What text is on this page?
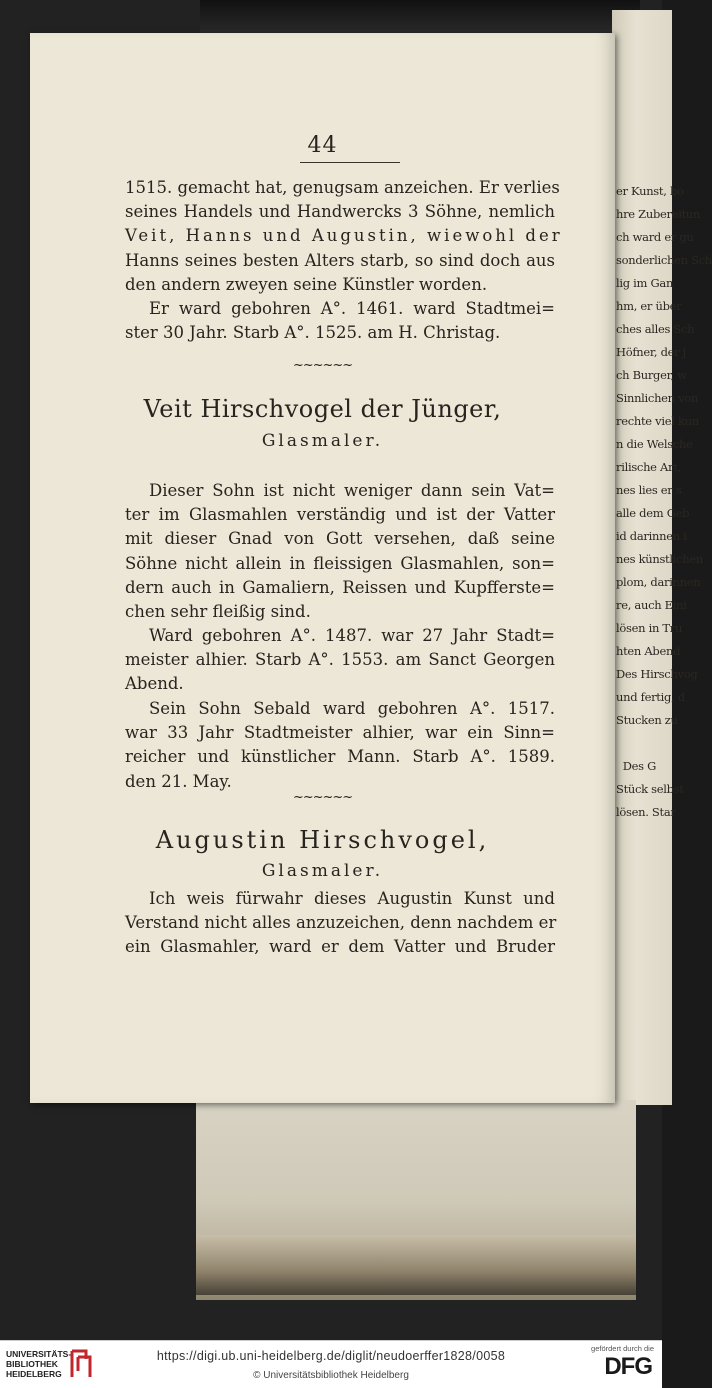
er Kunst, bo
hre Zubereitun
ch ward er gu
sonderlichen Sch
lig im Gan
hm, er über
ches alles Sch
Höfner, der j
ch Burger, w
Sinnlichen von
rechte viel kun
n die Welsche
rilische Art,
nes lies er s
alle dem Geb
id darinnen i
nes künstlichen
plom, darinnen
re, auch Eini
lösen in Tru
hten Abend
Des Hirschvog
und fertig, d
Stucken zu

Des G
Stück selbst
lösen. Star
44
1515. gemacht hat, genugsam anzeichen. Er verlies
seines Handels und Handwercks 3 Söhne, nemlich
Veit, Hanns und Augustin, wiewohl der
Hanns seines besten Alters starb, so sind doch aus
den andern zweyen seine Künstler worden.
Er ward gebohren A°. 1461. ward Stadtmei=
ster 30 Jahr. Starb A°. 1525. am H. Christag.
~~~~~~
Veit Hirschvogel der Jünger,
Glasmaler.
Dieser Sohn ist nicht weniger dann sein Vat=
ter im Glasmahlen verständig und ist der Vatter
mit dieser Gnad von Gott versehen, daß seine
Söhne nicht allein in fleissigen Glasmahlen, son=
dern auch in Gamaliern, Reissen und Kupfferste=
chen sehr fleißig sind.
Ward gebohren A°. 1487. war 27 Jahr Stadt=
meister alhier. Starb A°. 1553. am Sanct Georgen
Abend.
Sein Sohn Sebald ward gebohren A°. 1517.
war 33 Jahr Stadtmeister alhier, war ein Sinn=
reicher und künstlicher Mann. Starb A°. 1589.
den 21. May.
~~~~~~
Augustin Hirschvogel,
Glasmaler.
Ich weis fürwahr dieses Augustin Kunst und
Verstand nicht alles anzuzeichen, denn nachdem er
ein Glasmahler, ward er dem Vatter und Bruder
UNIVERSITÄTS-
BIBLIOTHEK
HEIDELBERG
https://digi.ub.uni-heidelberg.de/diglit/neudoerffer1828/0058
© Universitätsbibliothek Heidelberg
gefördert durch die
DFG
